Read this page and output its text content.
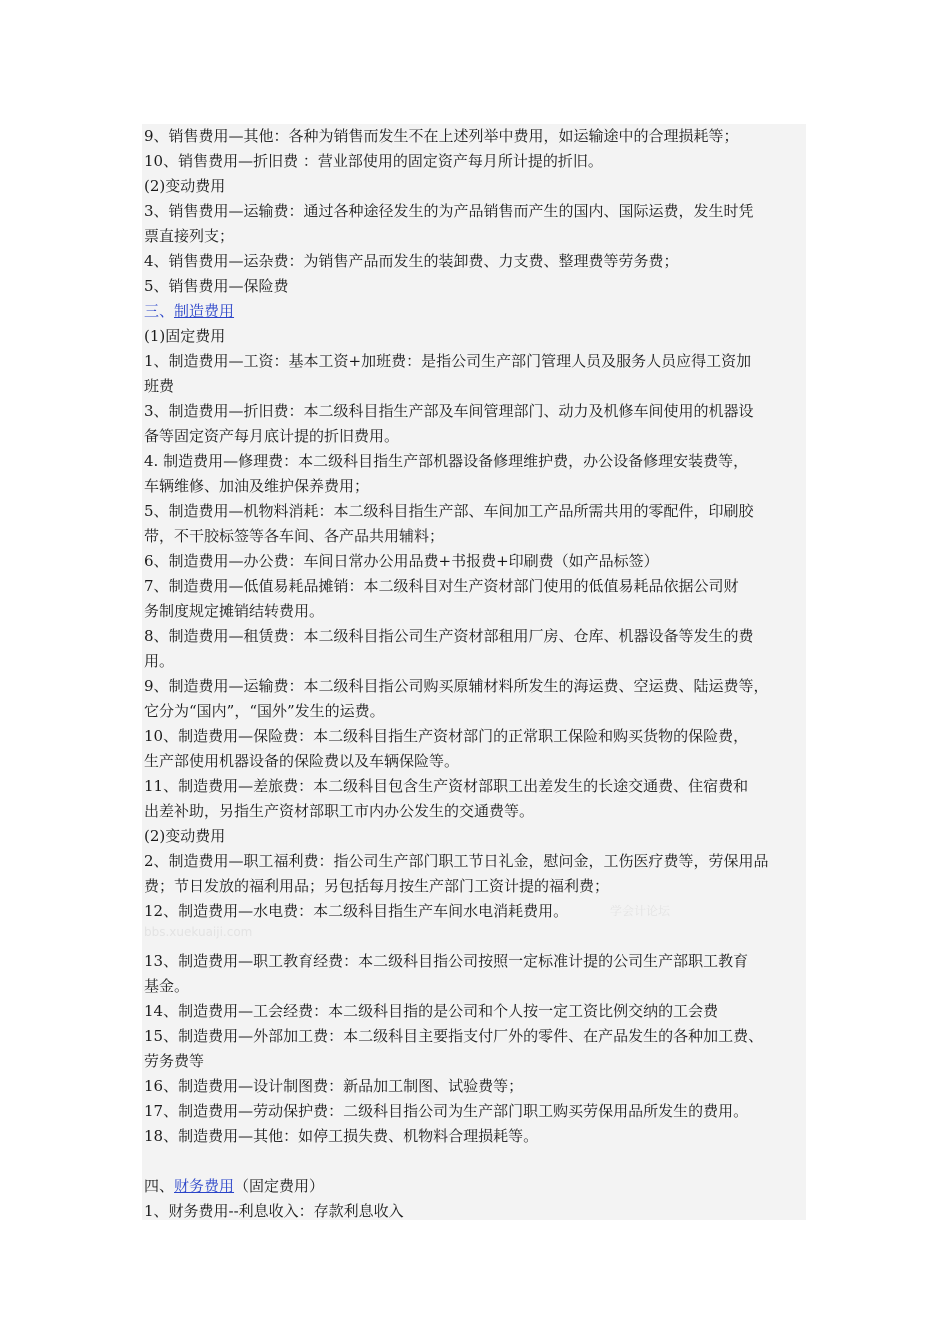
9、销售费用—其他：各种为销售而发生不在上述列举中费用，如运输途中的合理损耗等；
10、销售费用—折旧费 ：营业部使用的固定资产每月所计提的折旧。
(2)变动费用
3、销售费用—运输费：通过各种途径发生的为产品销售而产生的国内、国际运费，发生时凭
票直接列支；
4、销售费用—运杂费：为销售产品而发生的装卸费、力支费、整理费等劳务费；
5、销售费用—保险费
三、制造费用
(1)固定费用
1、制造费用—工资：基本工资+加班费：是指公司生产部门管理人员及服务人员应得工资加
班费
3、制造费用—折旧费：本二级科目指生产部及车间管理部门、动力及机修车间使用的机器设
备等固定资产每月底计提的折旧费用。
4. 制造费用—修理费：本二级科目指生产部机器设备修理维护费，办公设备修理安装费等，
车辆维修、加油及维护保养费用；
5、制造费用—机物料消耗：本二级科目指生产部、车间加工产品所需共用的零配件，印刷胶
带，不干胶标签等各车间、各产品共用辅料；
6、制造费用—办公费：车间日常办公用品费+书报费+印刷费（如产品标签）
7、制造费用—低值易耗品摊销：本二级科目对生产资材部门使用的低值易耗品依据公司财
务制度规定摊销结转费用。
8、制造费用—租赁费：本二级科目指公司生产资材部租用厂房、仓库、机器设备等发生的费
用。
9、制造费用—运输费：本二级科目指公司购买原辅材料所发生的海运费、空运费、陆运费等，
它分为“国内”，“国外”发生的运费。
10、制造费用—保险费：本二级科目指生产资材部门的正常职工保险和购买货物的保险费，
生产部使用机器设备的保险费以及车辆保险等。
11、制造费用—差旅费：本二级科目包含生产资材部职工出差发生的长途交通费、住宿费和
出差补助，另指生产资材部职工市内办公发生的交通费等。
(2)变动费用
2、制造费用—职工福利费：指公司生产部门职工节日礼金，慰问金，工伤医疗费等，劳保用品
费；节日发放的福利用品；另包括每月按生产部门工资计提的福利费；
12、制造费用—水电费：本二级科目指生产车间水电消耗费用。
13、制造费用—职工教育经费：本二级科目指公司按照一定标准计提的公司生产部职工教育
基金。
14、制造费用—工会经费：本二级科目指的是公司和个人按一定工资比例交纳的工会费
15、制造费用—外部加工费：本二级科目主要指支付厂外的零件、在产品发生的各种加工费、
劳务费等
16、制造费用—设计制图费：新品加工制图、试验费等；
17、制造费用—劳动保护费：二级科目指公司为生产部门职工购买劳保用品所发生的费用。
18、制造费用—其他：如停工损失费、机物料合理损耗等。
四、财务费用（固定费用）
1、财务费用--利息收入：存款利息收入
学会计论坛
bbs.xuekuaiji.com
